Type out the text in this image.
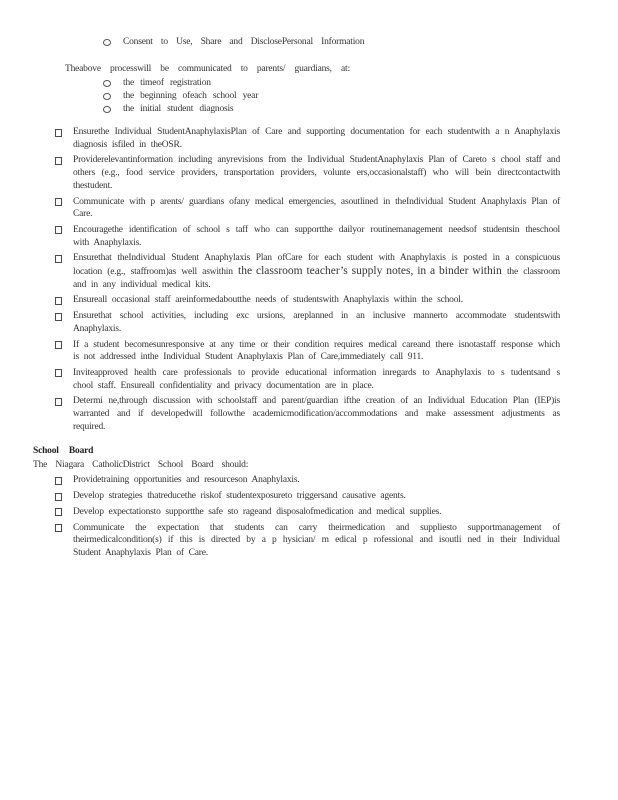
Consent to Use, Share and DisclosePersonal Information
Theabove processwill be communicated to parents/ guardians, at:
the timeof registration
the beginning ofeach school year
the initial student diagnosis
Ensurethe Individual StudentAnaphylaxisPlan of Care and supporting documentation for each studentwith a n Anaphylaxis diagnosis isfiled in theOSR.
Providerelevantinformation including anyrevisions from the Individual StudentAnaphylaxis Plan of Careto s chool staff and others (e.g., food service providers, transportation providers, volunte ers,occasionalstaff) who will bein directcontactwith thestudent.
Communicate with p arents/ guardians ofany medical emergencies, asoutlined in theIndividual Student Anaphylaxis Plan of Care.
Encouragethe identification of school s taff who can supportthe dailyor routinemanagement needsof studentsin theschool with Anaphylaxis.
Ensurethat theIndividual Student Anaphylaxis Plan ofCare for each student with Anaphylaxis is posted in a conspicuous location (e.g., staffroom)as well aswithin the classroom teacher’s supply notes, in a binder within the classroom and in any individual medical kits.
Ensureall occasional staff areinformedaboutthe needs of studentswith Anaphylaxis within the school.
Ensurethat school activities, including exc ursions, areplanned in an inclusive mannerto accommodate studentswith Anaphylaxis.
If a student becomesunresponsive at any time or their condition requires medical careand there isnotastaff response which is not addressed inthe Individual Student Anaphylaxis Plan of Care,immediately call 911.
Inviteapproved health care professionals to provide educational information inregards to Anaphylaxis to s tudentsand s chool staff. Ensureall confidentiality and privacy documentation are in place.
Determi ne,through discussion with schoolstaff and parent/guardian ifthe creation of an Individual Education Plan (IEP)is warranted and if developedwill followthe academicmodification/accommodations and make assessment adjustments as required.
School Board
The Niagara CatholicDistrict School Board should:
Providetraining opportunities and resourceson Anaphylaxis.
Develop strategies thatreducethe riskof studentexposureto triggersand causative agents.
Develop expectationsto supportthe safe sto rageand disposalofmedication and medical supplies.
Communicate the expectation that students can carry theirmedication and suppliesto supportmanagement of theirmedicalcondition(s) if this is directed by a p hysician/ m edical p rofessional and isoutli ned in their Individual Student Anaphylaxis Plan of Care.
